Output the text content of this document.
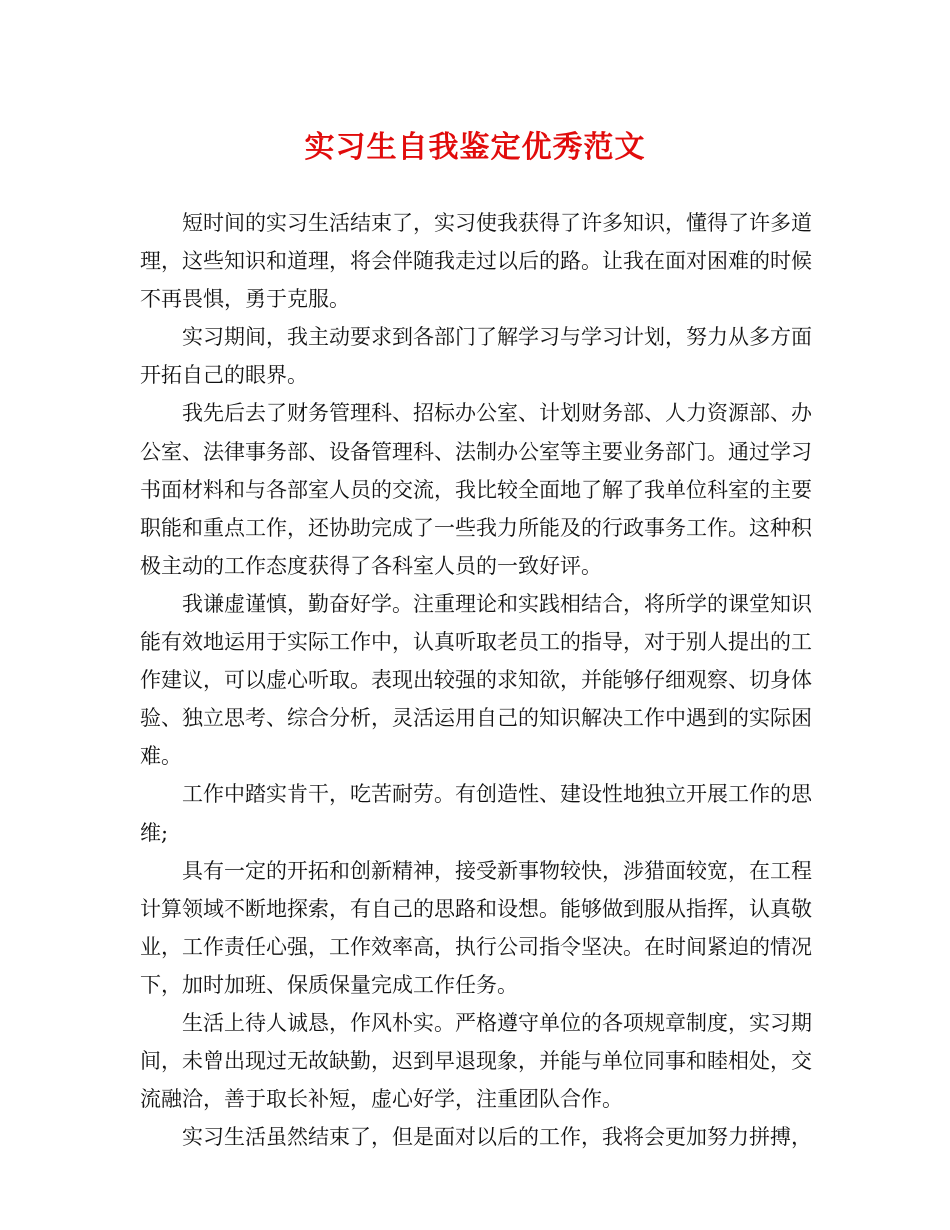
实习生自我鉴定优秀范文

短时间的实习生活结束了，实习使我获得了许多知识，懂得了许多道理，这些知识和道理，将会伴随我走过以后的路。让我在面对困难的时候不再畏惧，勇于克服。

实习期间，我主动要求到各部门了解学习与学习计划，努力从多方面开拓自己的眼界。

我先后去了财务管理科、招标办公室、计划财务部、人力资源部、办公室、法律事务部、设备管理科、法制办公室等主要业务部门。通过学习书面材料和与各部室人员的交流，我比较全面地了解了我单位科室的主要职能和重点工作，还协助完成了一些我力所能及的行政事务工作。这种积极主动的工作态度获得了各科室人员的一致好评。

我谦虚谨慎，勤奋好学。注重理论和实践相结合，将所学的课堂知识能有效地运用于实际工作中，认真听取老员工的指导，对于别人提出的工作建议，可以虚心听取。表现出较强的求知欲，并能够仔细观察、切身体验、独立思考、综合分析，灵活运用自己的知识解决工作中遇到的实际困难。

工作中踏实肯干，吃苦耐劳。有创造性、建设性地独立开展工作的思维;

具有一定的开拓和创新精神，接受新事物较快，涉猎面较宽，在工程计算领域不断地探索，有自己的思路和设想。能够做到服从指挥，认真敬业，工作责任心强，工作效率高，执行公司指令坚决。在时间紧迫的情况下，加时加班、保质保量完成工作任务。

生活上待人诚恳，作风朴实。严格遵守单位的各项规章制度，实习期间，未曾出现过无故缺勤，迟到早退现象，并能与单位同事和睦相处，交流融洽，善于取长补短，虚心好学，注重团队合作。

实习生活虽然结束了，但是面对以后的工作，我将会更加努力拼搏，
